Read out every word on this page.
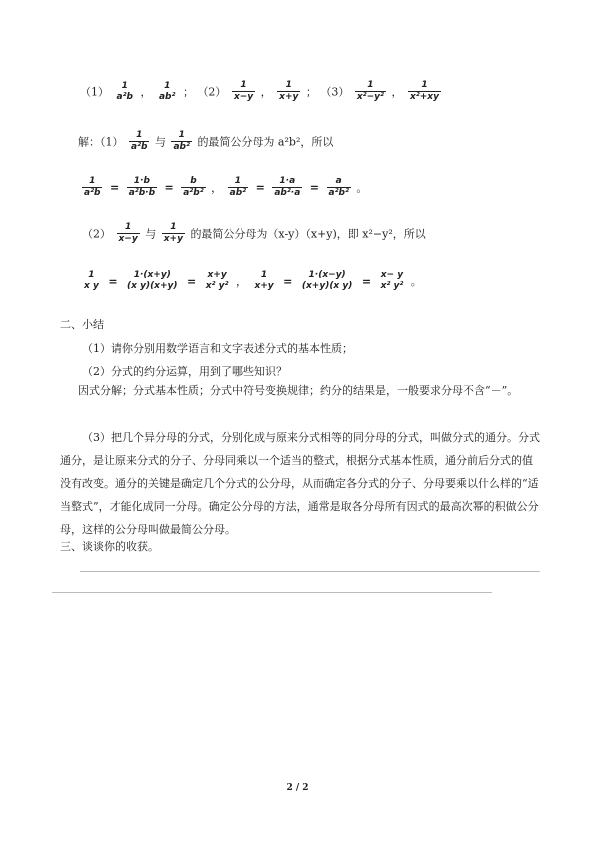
（1）	1
a²b ，	1
ab² ； $(2) \frac{1}{x-y}$ ， $\frac{1}{x+y}$ ； $(3) \frac{1}{\text{x²−y²}}$ ， $\frac{1}{\text{x²+xy}}$
解：$(1) \frac{1}{\text{a²b}}$ 与 $\frac{1}{\text{ab²}}$ 的最简公分母为 a²b²，所以
$\frac{1}{\text{a²b}} = \frac{1\cdot b}{\text{a²b·b}} = \frac{b}{\text{a²b²}}$ ， $\frac{1}{\text{ab²}} = \frac{1\cdot a}{\text{ab²·a}} = \frac{a}{\text{a²b²}}$ 。
$(2) \frac{1}{x-y}$ 与 $\frac{1}{x+y}$ 的最简公分母为（x-y）（x+y)，即 x²−y²，所以
1
x y =	1·(x+y)
(x y)(x+y) =	x+y
x² y² ，	1
x+y =	1·(x−y)
(x+y)(x y) = x− y
x² y² 。
二、小结
（1）请你分别用数学语言和文字表述分式的基本性质；
（2）分式的约分运算，用到了哪些知识？
因式分解；分式基本性质；分式中符号变换规律；约分的结果是，一般要求分母不含“－”。
（3）把几个异分母的分式，分别化成与原来分式相等的同分母的分式，叫做分式的通分。分式通分，是让原来分式的分子、分母同乘以一个适当的整式，根据分式基本性质，通分前后分式的值没有改变。通分的关键是确定几个分式的公分母，从而确定各分式的分子、分母要乘以什么样的“适当整式”，才能化成同一分母。确定公分母的方法，通常是取各分母所有因式的最高次幂的积做公分母，这样的公分母叫做最简公分母。
三、谈谈你的收获。
2 / 2
